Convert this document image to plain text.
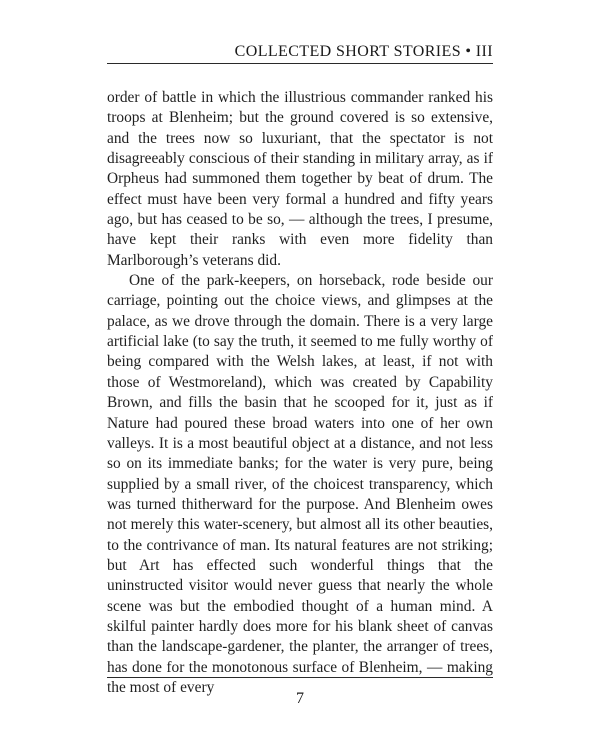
COLLECTED SHORT STORIES • III

order of battle in which the illustrious commander ranked his troops at Blenheim; but the ground covered is so extensive, and the trees now so luxuriant, that the spectator is not disagreeably conscious of their standing in military array, as if Orpheus had summoned them together by beat of drum. The effect must have been very formal a hundred and fifty years ago, but has ceased to be so, — although the trees, I presume, have kept their ranks with even more fidelity than Marlborough’s veterans did.

One of the park-keepers, on horseback, rode beside our carriage, pointing out the choice views, and glimpses at the palace, as we drove through the domain. There is a very large artificial lake (to say the truth, it seemed to me fully worthy of being compared with the Welsh lakes, at least, if not with those of Westmoreland), which was created by Capability Brown, and fills the basin that he scooped for it, just as if Nature had poured these broad waters into one of her own valleys. It is a most beautiful object at a distance, and not less so on its immediate banks; for the water is very pure, being supplied by a small river, of the choicest transparency, which was turned thitherward for the purpose. And Blenheim owes not merely this water-scenery, but almost all its other beauties, to the contrivance of man. Its natural features are not striking; but Art has effected such wonderful things that the uninstructed visitor would never guess that nearly the whole scene was but the embodied thought of a human mind. A skilful painter hardly does more for his blank sheet of canvas than the landscape-gardener, the planter, the arranger of trees, has done for the monotonous surface of Blenheim, — making the most of every

7
